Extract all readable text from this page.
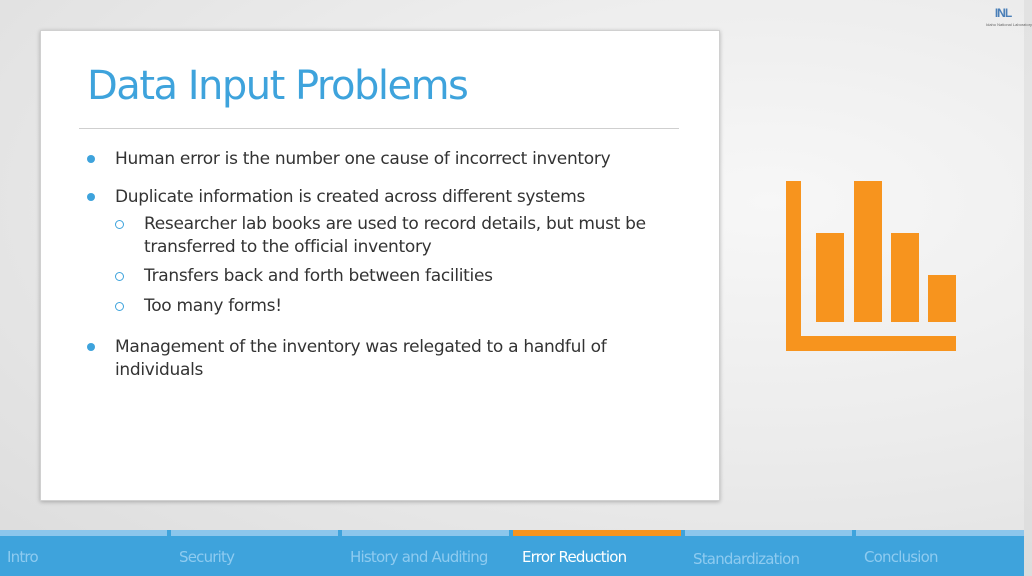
INL
Idaho National Laboratory
Data Input Problems
Human error is the number one cause of incorrect inventory
Duplicate information is created across different systems
Researcher lab books are used to record details, but must be transferred to the official inventory
Transfers back and forth between facilities
Too many forms!
Management of the inventory was relegated to a handful of individuals
Intro	Security	History and Auditing Error Reduction	Standardization	Conclusion
